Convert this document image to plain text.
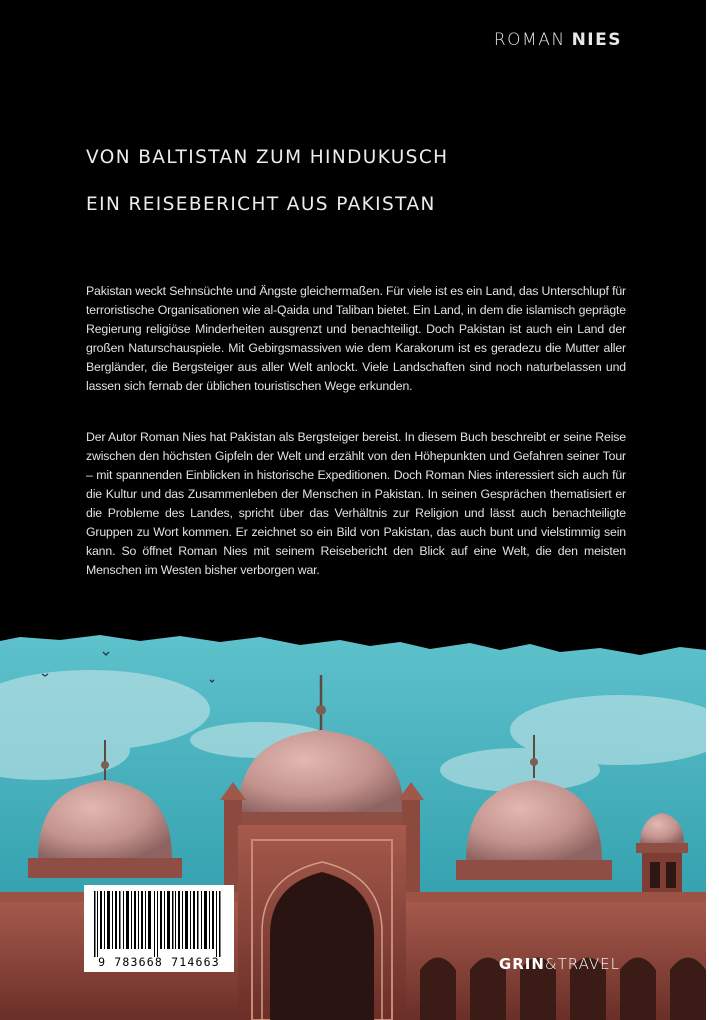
ROMAN NIES
VON BALTISTAN ZUM HINDUKUSCH
EIN REISEBERICHT AUS PAKISTAN

Pakistan weckt Sehnsüchte und Ängste gleichermaßen. Für viele ist es ein Land, das Unterschlupf für terroristische Organisationen wie al-Qaida und Taliban bietet. Ein Land, in dem die islamisch geprägte Regierung religiöse Minderheiten ausgrenzt und benachteiligt. Doch Pakistan ist auch ein Land der großen Naturschauspiele. Mit Gebirgsmassiven wie dem Karakorum ist es geradezu die Mutter aller Bergländer, die Bergsteiger aus aller Welt anlockt. Viele Landschaften sind noch naturbelassen und lassen sich fernab der üblichen touristischen Wege erkunden.

Der Autor Roman Nies hat Pakistan als Bergsteiger bereist. In diesem Buch beschreibt er seine Reise zwischen den höchsten Gipfeln der Welt und erzählt von den Höhepunkten und Gefahren seiner Tour – mit spannenden Einblicken in historische Expeditionen. Doch Roman Nies interessiert sich auch für die Kultur und das Zusammenleben der Menschen in Pakistan. In seinen Gesprächen thematisiert er die Probleme des Landes, spricht über das Verhältnis zur Religion und lässt auch benachteiligte Gruppen zu Wort kommen. Er zeichnet so ein Bild von Pakistan, das auch bunt und vielstimmig sein kann. So öffnet Roman Nies mit seinem Reisebericht den Blick auf eine Welt, die den meisten Menschen im Westen bisher verborgen war.

9 783668 714663	GRIN&TRAVEL
